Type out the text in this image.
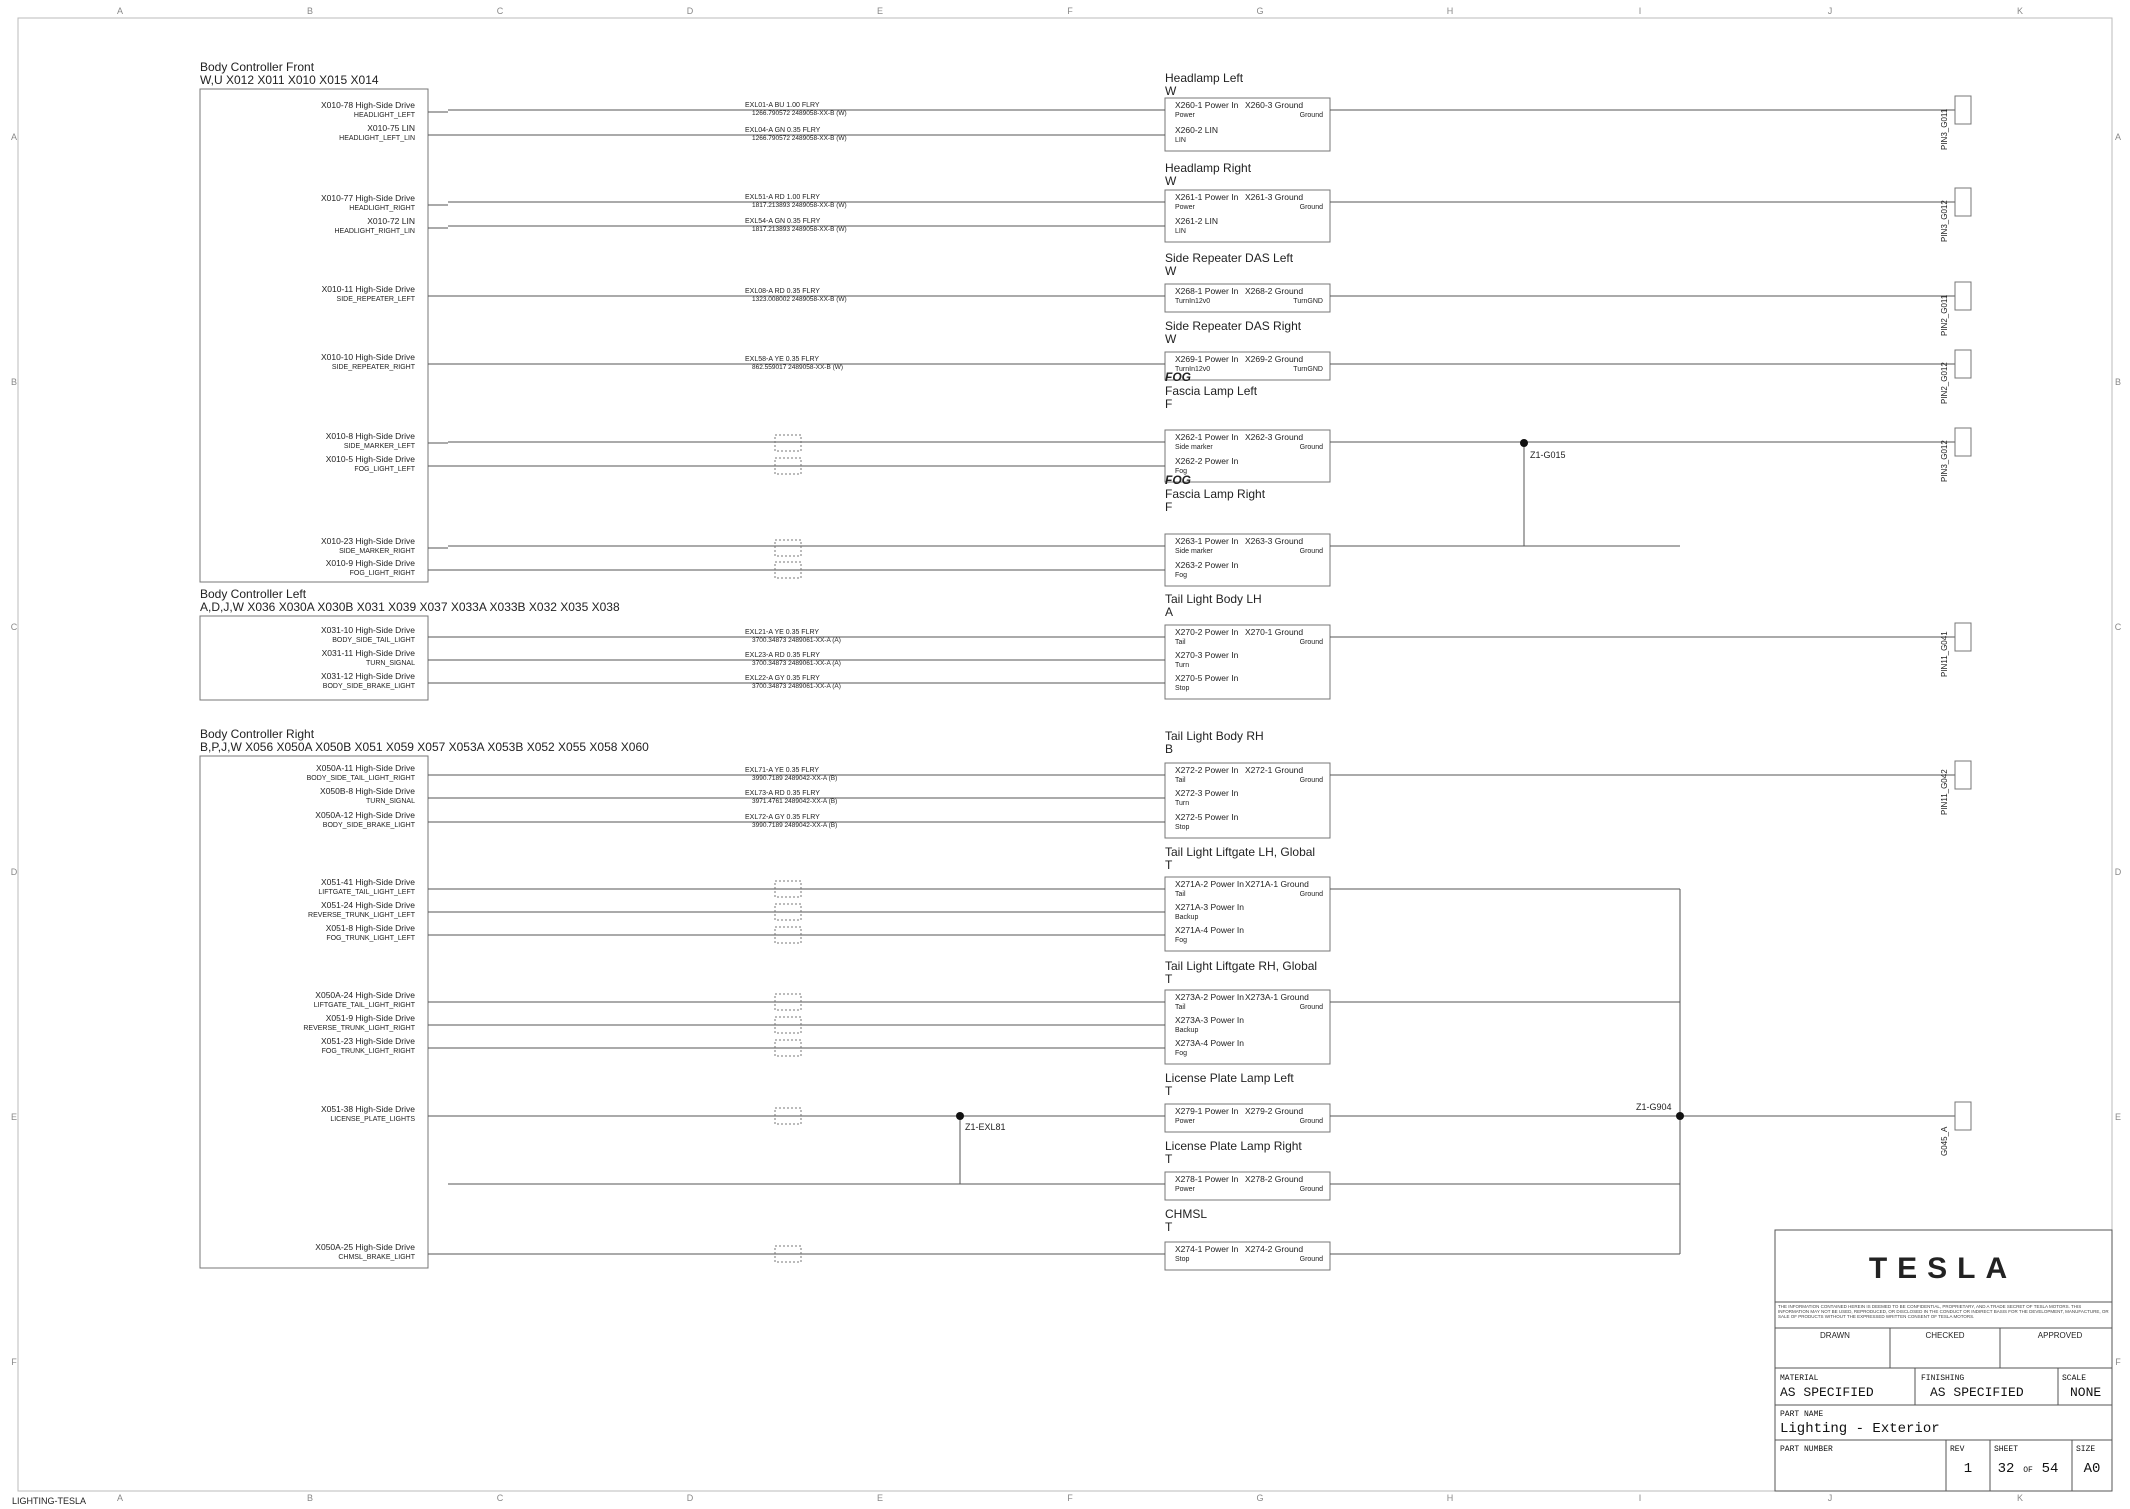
A
A
B
B
C
C
D
D
E
E
F
F
G
G
H
H
I
I
J
J
K
K
A	A
B	B
C	C
D	D
E	E
F	F
Body Controller Front
W,U X012 X011 X010 X015 X014
X010-78 High-Side Drive
HEADLIGHT_LEFT
X010-75 LIN
HEADLIGHT_LEFT_LIN
X010-77 High-Side Drive
HEADLIGHT_RIGHT
X010-72 LIN
HEADLIGHT_RIGHT_LIN
X010-11 High-Side Drive
SIDE_REPEATER_LEFT
X010-10 High-Side Drive
SIDE_REPEATER_RIGHT
X010-8 High-Side Drive
SIDE_MARKER_LEFT
X010-5 High-Side Drive
FOG_LIGHT_LEFT
X010-23 High-Side Drive
SIDE_MARKER_RIGHT
X010-9 High-Side Drive
FOG_LIGHT_RIGHT
Body Controller Left
A,D,J,W X036 X030A X030B X031 X039 X037 X033A X033B X032 X035 X038
X031-10 High-Side Drive
BODY_SIDE_TAIL_LIGHT
X031-11 High-Side Drive
TURN_SIGNAL
X031-12 High-Side Drive
BODY_SIDE_BRAKE_LIGHT
Body Controller Right
B,P,J,W X056 X050A X050B X051 X059 X057 X053A X053B X052 X055 X058 X060
X050A-11 High-Side Drive
BODY_SIDE_TAIL_LIGHT_RIGHT
X050B-8 High-Side Drive
TURN_SIGNAL
X050A-12 High-Side Drive
BODY_SIDE_BRAKE_LIGHT
X051-41 High-Side Drive
LIFTGATE_TAIL_LIGHT_LEFT
X051-24 High-Side Drive
REVERSE_TRUNK_LIGHT_LEFT
X051-8 High-Side Drive
FOG_TRUNK_LIGHT_LEFT
X050A-24 High-Side Drive
LIFTGATE_TAIL_LIGHT_RIGHT
X051-9 High-Side Drive
REVERSE_TRUNK_LIGHT_RIGHT
X051-23 High-Side Drive
FOG_TRUNK_LIGHT_RIGHT
X051-38 High-Side Drive
LICENSE_PLATE_LIGHTS
X050A-25 High-Side Drive
CHMSL_BRAKE_LIGHT
Headlamp Left
W
X260-1 Power In
Power
X260-2 LIN
LIN
X260-3 Ground
Ground	PIN3_G011
Headlamp Right
W
X261-1 Power In
Power
X261-2 LIN
LIN
X261-3 Ground
Ground	PIN3_G012
Side Repeater DAS Left
W
X268-1 Power In
TurnIn12v0
X268-2 Ground
TurnGND	PIN2_G011
Side Repeater DAS Right
W
X269-1 Power In
TurnIn12v0
X269-2 Ground
TurnGND	PIN2_G012
FOG
Fascia Lamp Left
F
X262-1 Power In
Side marker
X262-2 Power In
Fog
X262-3 Ground
Ground	PIN3_G012
FOG
Fascia Lamp Right
F
X263-1 Power In
Side marker
X263-2 Power In
Fog
X263-3 Ground
Ground
Tail Light Body LH
A
X270-2 Power In
Tail
X270-3 Power In
Turn
X270-5 Power In
Stop
X270-1 Ground
Ground	PIN11_G041
Tail Light Body RH
B
X272-2 Power In
Tail
X272-3 Power In
Turn
X272-5 Power In
Stop
X272-1 Ground
Ground	PIN11_G042
Tail Light Liftgate LH, Global
T
X271A-2 Power In
Tail
X271A-3 Power In
Backup
X271A-4 Power In
Fog
X271A-1 Ground
Ground
Tail Light Liftgate RH, Global
T
X273A-2 Power In
Tail
X273A-3 Power In
Backup
X273A-4 Power In
Fog
X273A-1 Ground
Ground
License Plate Lamp Left
T
X279-1 Power In
Power
X279-2 Ground
Ground
G045_A
License Plate Lamp Right
T
X278-1 Power In
Power
X278-2 Ground
Ground
CHMSL
T
X274-1 Power In
Stop
X274-2 Ground
Ground
EXL01-A BU 1.00 FLRY
1266.790572 2489058-XX-B (W)
EXL04-A GN 0.35 FLRY
1266.790572 2489058-XX-B (W)
EXL51-A RD 1.00 FLRY
1817.213893 2489058-XX-B (W)
EXL54-A GN 0.35 FLRY
1817.213893 2489058-XX-B (W)
EXL08-A RD 0.35 FLRY
1323.008002 2489058-XX-B (W)
EXL58-A YE 0.35 FLRY
862.559017 2489058-XX-B (W)
EXL21-A YE 0.35 FLRY
3700.34873 2489061-XX-A (A)
EXL23-A RD 0.35 FLRY
3700.34873 2489061-XX-A (A)
EXL22-A GY 0.35 FLRY
3700.34873 2489061-XX-A (A)
EXL71-A YE 0.35 FLRY
3990.7189 2489042-XX-A (B)
EXL73-A RD 0.35 FLRY
3971.4761 2489042-XX-A (B)
EXL72-A GY 0.35 FLRY
3990.7189 2489042-XX-A (B)
Z1-G015
Z1-G904
Z1-EXL81
TESLA
THE INFORMATION CONTAINED HEREIN IS DEEMED TO BE CONFIDENTIAL, PROPRIETARY, AND A TRADE SECRET OF TESLA MOTORS. THIS INFORMATION MAY NOT BE USED, REPRODUCED, OR DISCLOSED IN THE CONDUCT OR INDIRECT BASIS FOR THE DEVELOPMENT, MANUFACTURE, OR SALE OF PRODUCTS WITHOUT THE EXPRESSED WRITTEN CONSENT OF TESLA MOTORS.
DRAWN	CHECKED	APPROVED
MATERIAL
AS SPECIFIED
FINISHING
AS SPECIFIED
SCALE
NONE
PART NAME
Lighting - Exterior
PART NUMBER	REV
1
SHEET
32 OF 54
SIZE
A0
LIGHTING-TESLA
